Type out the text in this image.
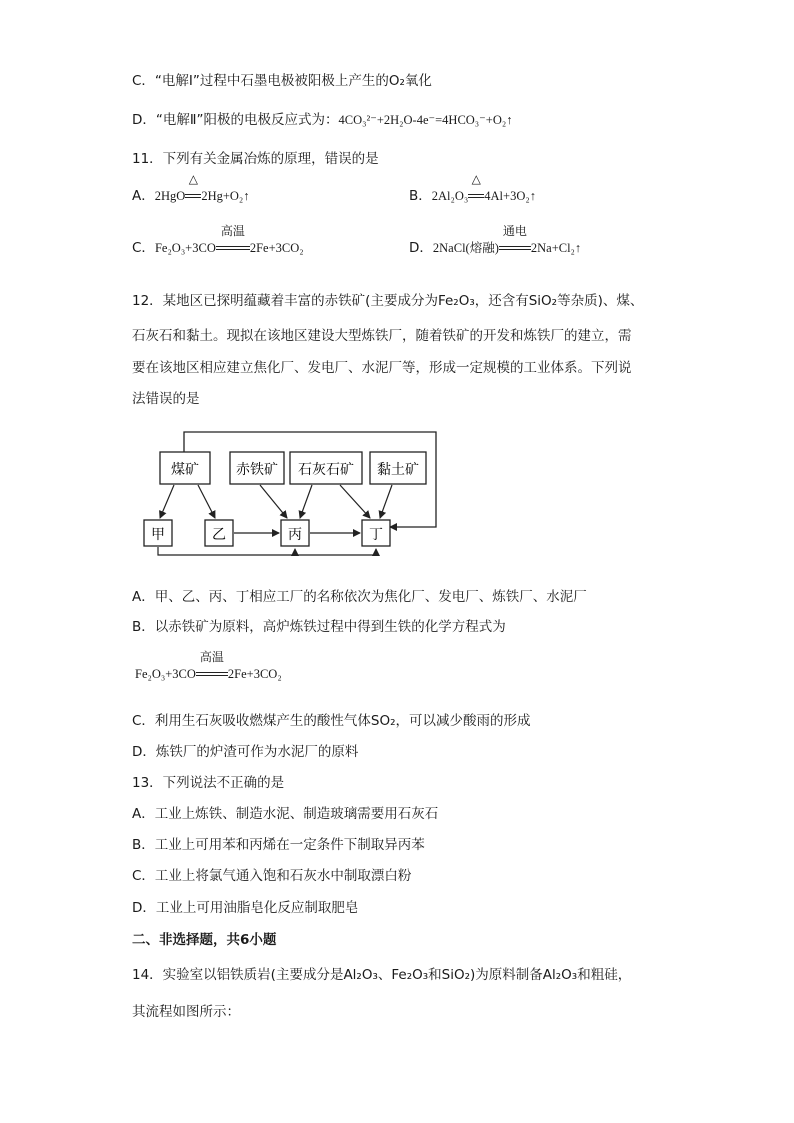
C．“电解Ⅰ”过程中石墨电极被阳极上产生的O₂氧化
D．“电解Ⅱ”阳极的电极反应式为：4CO₃²⁻+2H₂O-4e⁻=4HCO₃⁻+O₂↑
11．下列有关金属冶炼的原理，错误的是
A．2HgO
△
2Hg+O₂↑	B．2Al₂O₃
△
4Al+3O₂↑
C．Fe₂O₃+3CO
高温
2Fe+3CO₂	D．2NaCl(熔融)
通电
2Na+Cl₂↑
12．某地区已探明蕴藏着丰富的赤铁矿(主要成分为Fe₂O₃，还含有SiO₂等杂质)、煤、
石灰石和黏土。现拟在该地区建设大型炼铁厂，随着铁矿的开发和炼铁厂的建立，需
要在该地区相应建立焦化厂、发电厂、水泥厂等，形成一定规模的工业体系。下列说
法错误的是
煤矿	赤铁矿 石灰石矿 黏土矿
甲	乙	丙	丁
A．甲、乙、丙、丁相应工厂的名称依次为焦化厂、发电厂、炼铁厂、水泥厂
B．以赤铁矿为原料，高炉炼铁过程中得到生铁的化学方程式为
Fe₂O₃+3CO
高温
2Fe+3CO₂
C．利用生石灰吸收燃煤产生的酸性气体SO₂，可以减少酸雨的形成
D．炼铁厂的炉渣可作为水泥厂的原料
13．下列说法不正确的是
A．工业上炼铁、制造水泥、制造玻璃需要用石灰石
B．工业上可用苯和丙烯在一定条件下制取异丙苯
C．工业上将氯气通入饱和石灰水中制取漂白粉
D．工业上可用油脂皂化反应制取肥皂
二、非选择题，共6小题
14．实验室以铝铁质岩(主要成分是Al₂O₃、Fe₂O₃和SiO₂)为原料制备Al₂O₃和粗硅，
其流程如图所示：
